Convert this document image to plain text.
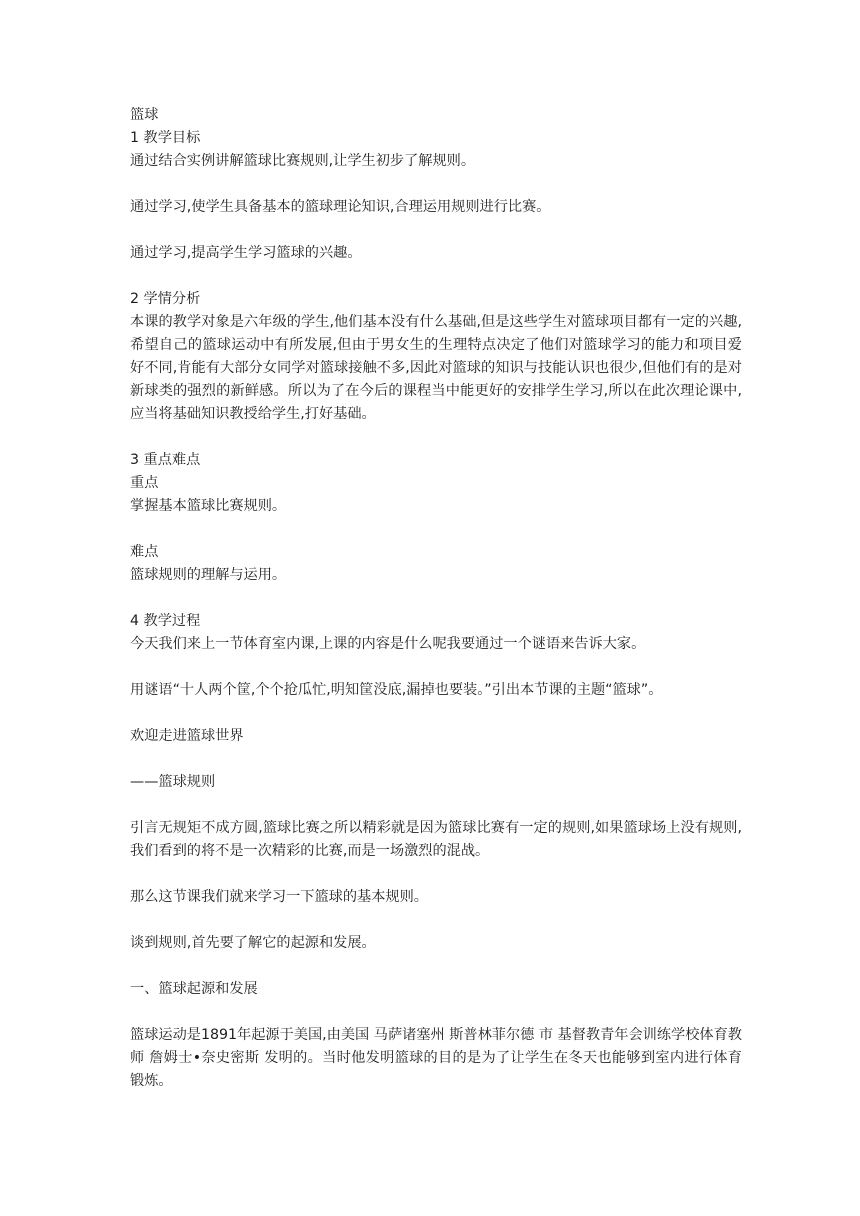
篮球

1 教学目标

通过结合实例讲解篮球比赛规则,让学生初步了解规则。

通过学习,使学生具备基本的篮球理论知识,合理运用规则进行比赛。

通过学习,提高学生学习篮球的兴趣。

2 学情分析

本课的教学对象是六年级的学生,他们基本没有什么基础,但是这些学生对篮球项目都有一定的兴趣,希望自己的篮球运动中有所发展,但由于男女生的生理特点决定了他们对篮球学习的能力和项目爱好不同,肯能有大部分女同学对篮球接触不多,因此对篮球的知识与技能认识也很少,但他们有的是对新球类的强烈的新鲜感。所以为了在今后的课程当中能更好的安排学生学习,所以在此次理论课中,应当将基础知识教授给学生,打好基础。

3 重点难点

重点

掌握基本篮球比赛规则。

难点

篮球规则的理解与运用。

4 教学过程

今天我们来上一节体育室内课,上课的内容是什么呢我要通过一个谜语来告诉大家。

用谜语“十人两个筐,个个抢瓜忙,明知筐没底,漏掉也要装。”引出本节课的主题“篮球”。

欢迎走进篮球世界

——篮球规则

引言无规矩不成方圆,篮球比赛之所以精彩就是因为篮球比赛有一定的规则,如果篮球场上没有规则,我们看到的将不是一次精彩的比赛,而是一场激烈的混战。

那么这节课我们就来学习一下篮球的基本规则。

谈到规则,首先要了解它的起源和发展。

一、篮球起源和发展

篮球运动是1891年起源于美国,由美国 马萨诸塞州 斯普林菲尔德 市 基督教青年会训练学校体育教师 詹姆士•奈史密斯 发明的。当时他发明篮球的目的是为了让学生在冬天也能够到室内进行体育锻炼。
